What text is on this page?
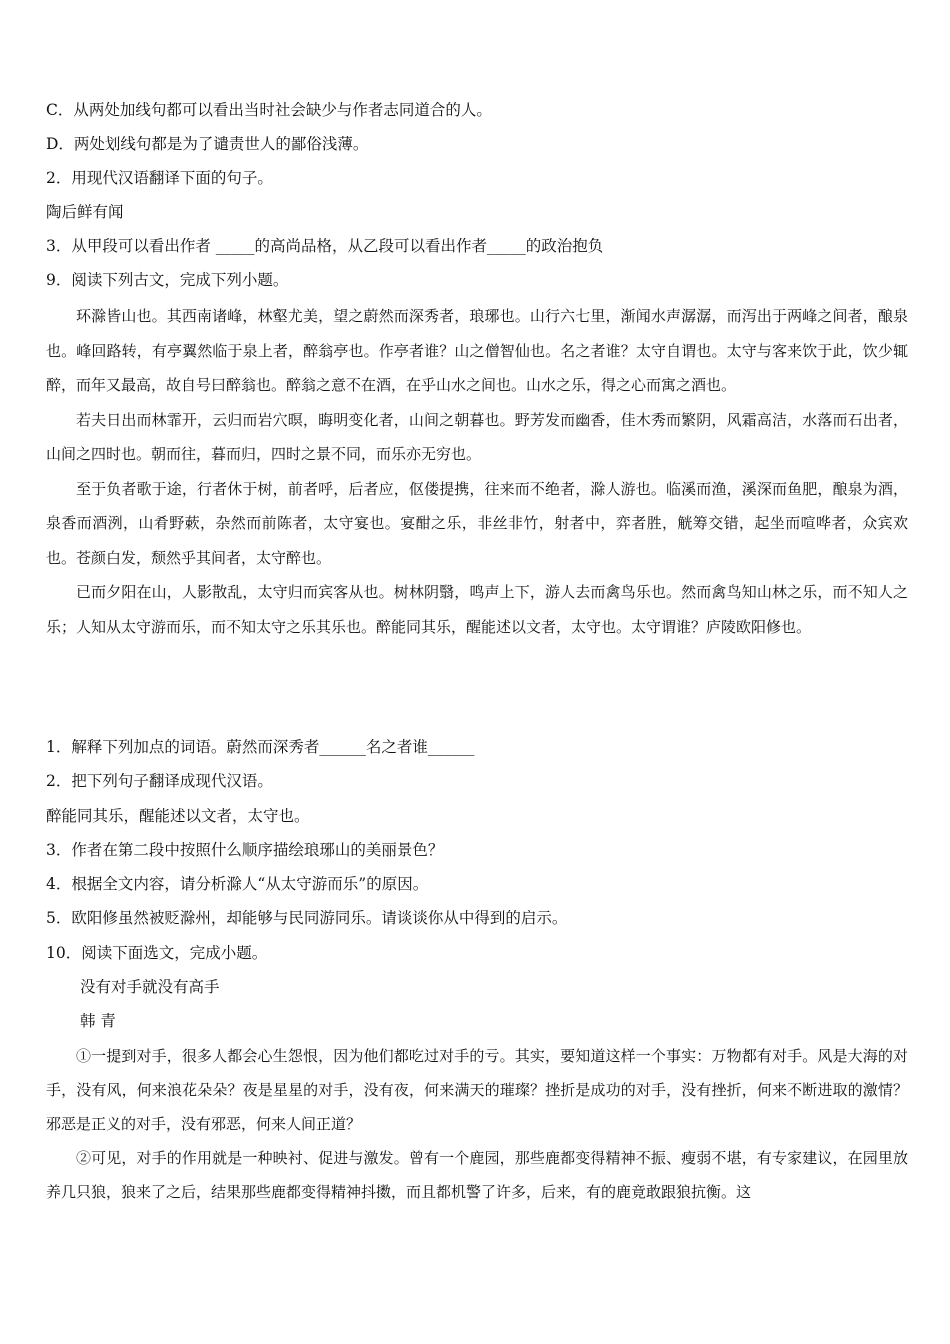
C．从两处加线句都可以看出当时社会缺少与作者志同道合的人。
D．两处划线句都是为了谴责世人的鄙俗浅薄。
2．用现代汉语翻译下面的句子。
陶后鲜有闻
3．从甲段可以看出作者 _____的高尚品格，从乙段可以看出作者_____的政治抱负
9．阅读下列古文，完成下列小题。

环滁皆山也。其西南诸峰，林壑尤美，望之蔚然而深秀者，琅琊也。山行六七里，渐闻水声潺潺，而泻出于两峰之间者，酿泉也。峰回路转，有亭翼然临于泉上者，醉翁亭也。作亭者谁？山之僧智仙也。名之者谁？太守自谓也。太守与客来饮于此，饮少辄醉，而年又最高，故自号曰醉翁也。醉翁之意不在酒，在乎山水之间也。山水之乐，得之心而寓之酒也。

若夫日出而林霏开，云归而岩穴暝，晦明变化者，山间之朝暮也。野芳发而幽香，佳木秀而繁阴，风霜高洁，水落而石出者，山间之四时也。朝而往，暮而归，四时之景不同，而乐亦无穷也。

至于负者歌于途，行者休于树，前者呼，后者应，伛偻提携，往来而不绝者，滁人游也。临溪而渔，溪深而鱼肥，酿泉为酒，泉香而酒洌，山肴野蔌，杂然而前陈者，太守宴也。宴酣之乐，非丝非竹，射者中，弈者胜，觥筹交错，起坐而喧哗者，众宾欢也。苍颜白发，颓然乎其间者，太守醉也。

已而夕阳在山，人影散乱，太守归而宾客从也。树林阴翳，鸣声上下，游人去而禽鸟乐也。然而禽鸟知山林之乐，而不知人之乐；人知从太守游而乐，而不知太守之乐其乐也。醉能同其乐，醒能述以文者，太守也。太守谓谁？庐陵欧阳修也。

1．解释下列加点的词语。蔚然而深秀者______名之者谁______
2．把下列句子翻译成现代汉语。
醉能同其乐，醒能述以文者，太守也。
3．作者在第二段中按照什么顺序描绘琅琊山的美丽景色？
4．根据全文内容，请分析滁人“从太守游而乐”的原因。
5．欧阳修虽然被贬滁州，却能够与民同游同乐。请谈谈你从中得到的启示。
10．阅读下面选文，完成小题。
没有对手就没有高手
韩 青

①一提到对手，很多人都会心生怨恨，因为他们都吃过对手的亏。其实，要知道这样一个事实：万物都有对手。风是大海的对手，没有风，何来浪花朵朵？夜是星星的对手，没有夜，何来满天的璀璨？挫折是成功的对手，没有挫折，何来不断进取的激情？邪恶是正义的对手，没有邪恶，何来人间正道？

②可见，对手的作用就是一种映衬、促进与激发。曾有一个鹿园，那些鹿都变得精神不振、瘦弱不堪，有专家建议，在园里放养几只狼，狼来了之后，结果那些鹿都变得精神抖擞，而且都机警了许多，后来，有的鹿竟敢跟狼抗衡。这
